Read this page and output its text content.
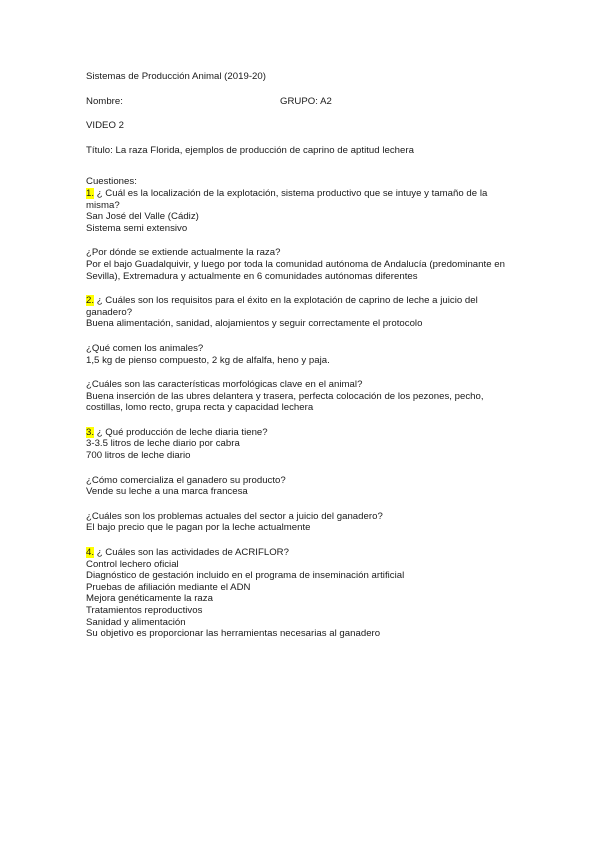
Sistemas de Producción Animal (2019-20)
Nombre:	GRUPO: A2
VIDEO 2
Título: La raza Florida, ejemplos de producción de caprino de aptitud lechera
Cuestiones:
1. ¿ Cuál es la localización de la explotación, sistema productivo que se intuye y tamaño de la misma?
San José del Valle (Cádiz)
Sistema semi extensivo
¿Por dónde se extiende actualmente la raza?
Por el bajo Guadalquivir, y luego por toda la comunidad autónoma de Andalucía (predominante en Sevilla), Extremadura y actualmente en 6 comunidades autónomas diferentes
2. ¿ Cuáles son los requisitos para el éxito en la explotación de caprino de leche a juicio del ganadero?
Buena alimentación, sanidad, alojamientos y seguir correctamente el protocolo
¿Qué comen los animales?
1,5 kg de pienso compuesto, 2 kg de alfalfa, heno y paja.
¿Cuáles son las características morfológicas clave en el animal?
Buena inserción de las ubres delantera y trasera, perfecta colocación de los pezones, pecho, costillas, lomo recto, grupa recta y capacidad lechera
3. ¿ Qué producción de leche diaria tiene?
3-3.5 litros de leche diario por cabra
700 litros de leche diario
¿Cómo comercializa el ganadero su producto?
Vende su leche a una marca francesa
¿Cuáles son los problemas actuales del sector a juicio del ganadero?
El bajo precio que le pagan por la leche actualmente
4. ¿ Cuáles son las actividades de ACRIFLOR?
Control lechero oficial
Diagnóstico de gestación incluido en el programa de inseminación artificial
Pruebas de afiliación mediante el ADN
Mejora genéticamente la raza
Tratamientos reproductivos
Sanidad y alimentación
Su objetivo es proporcionar las herramientas necesarias al ganadero
